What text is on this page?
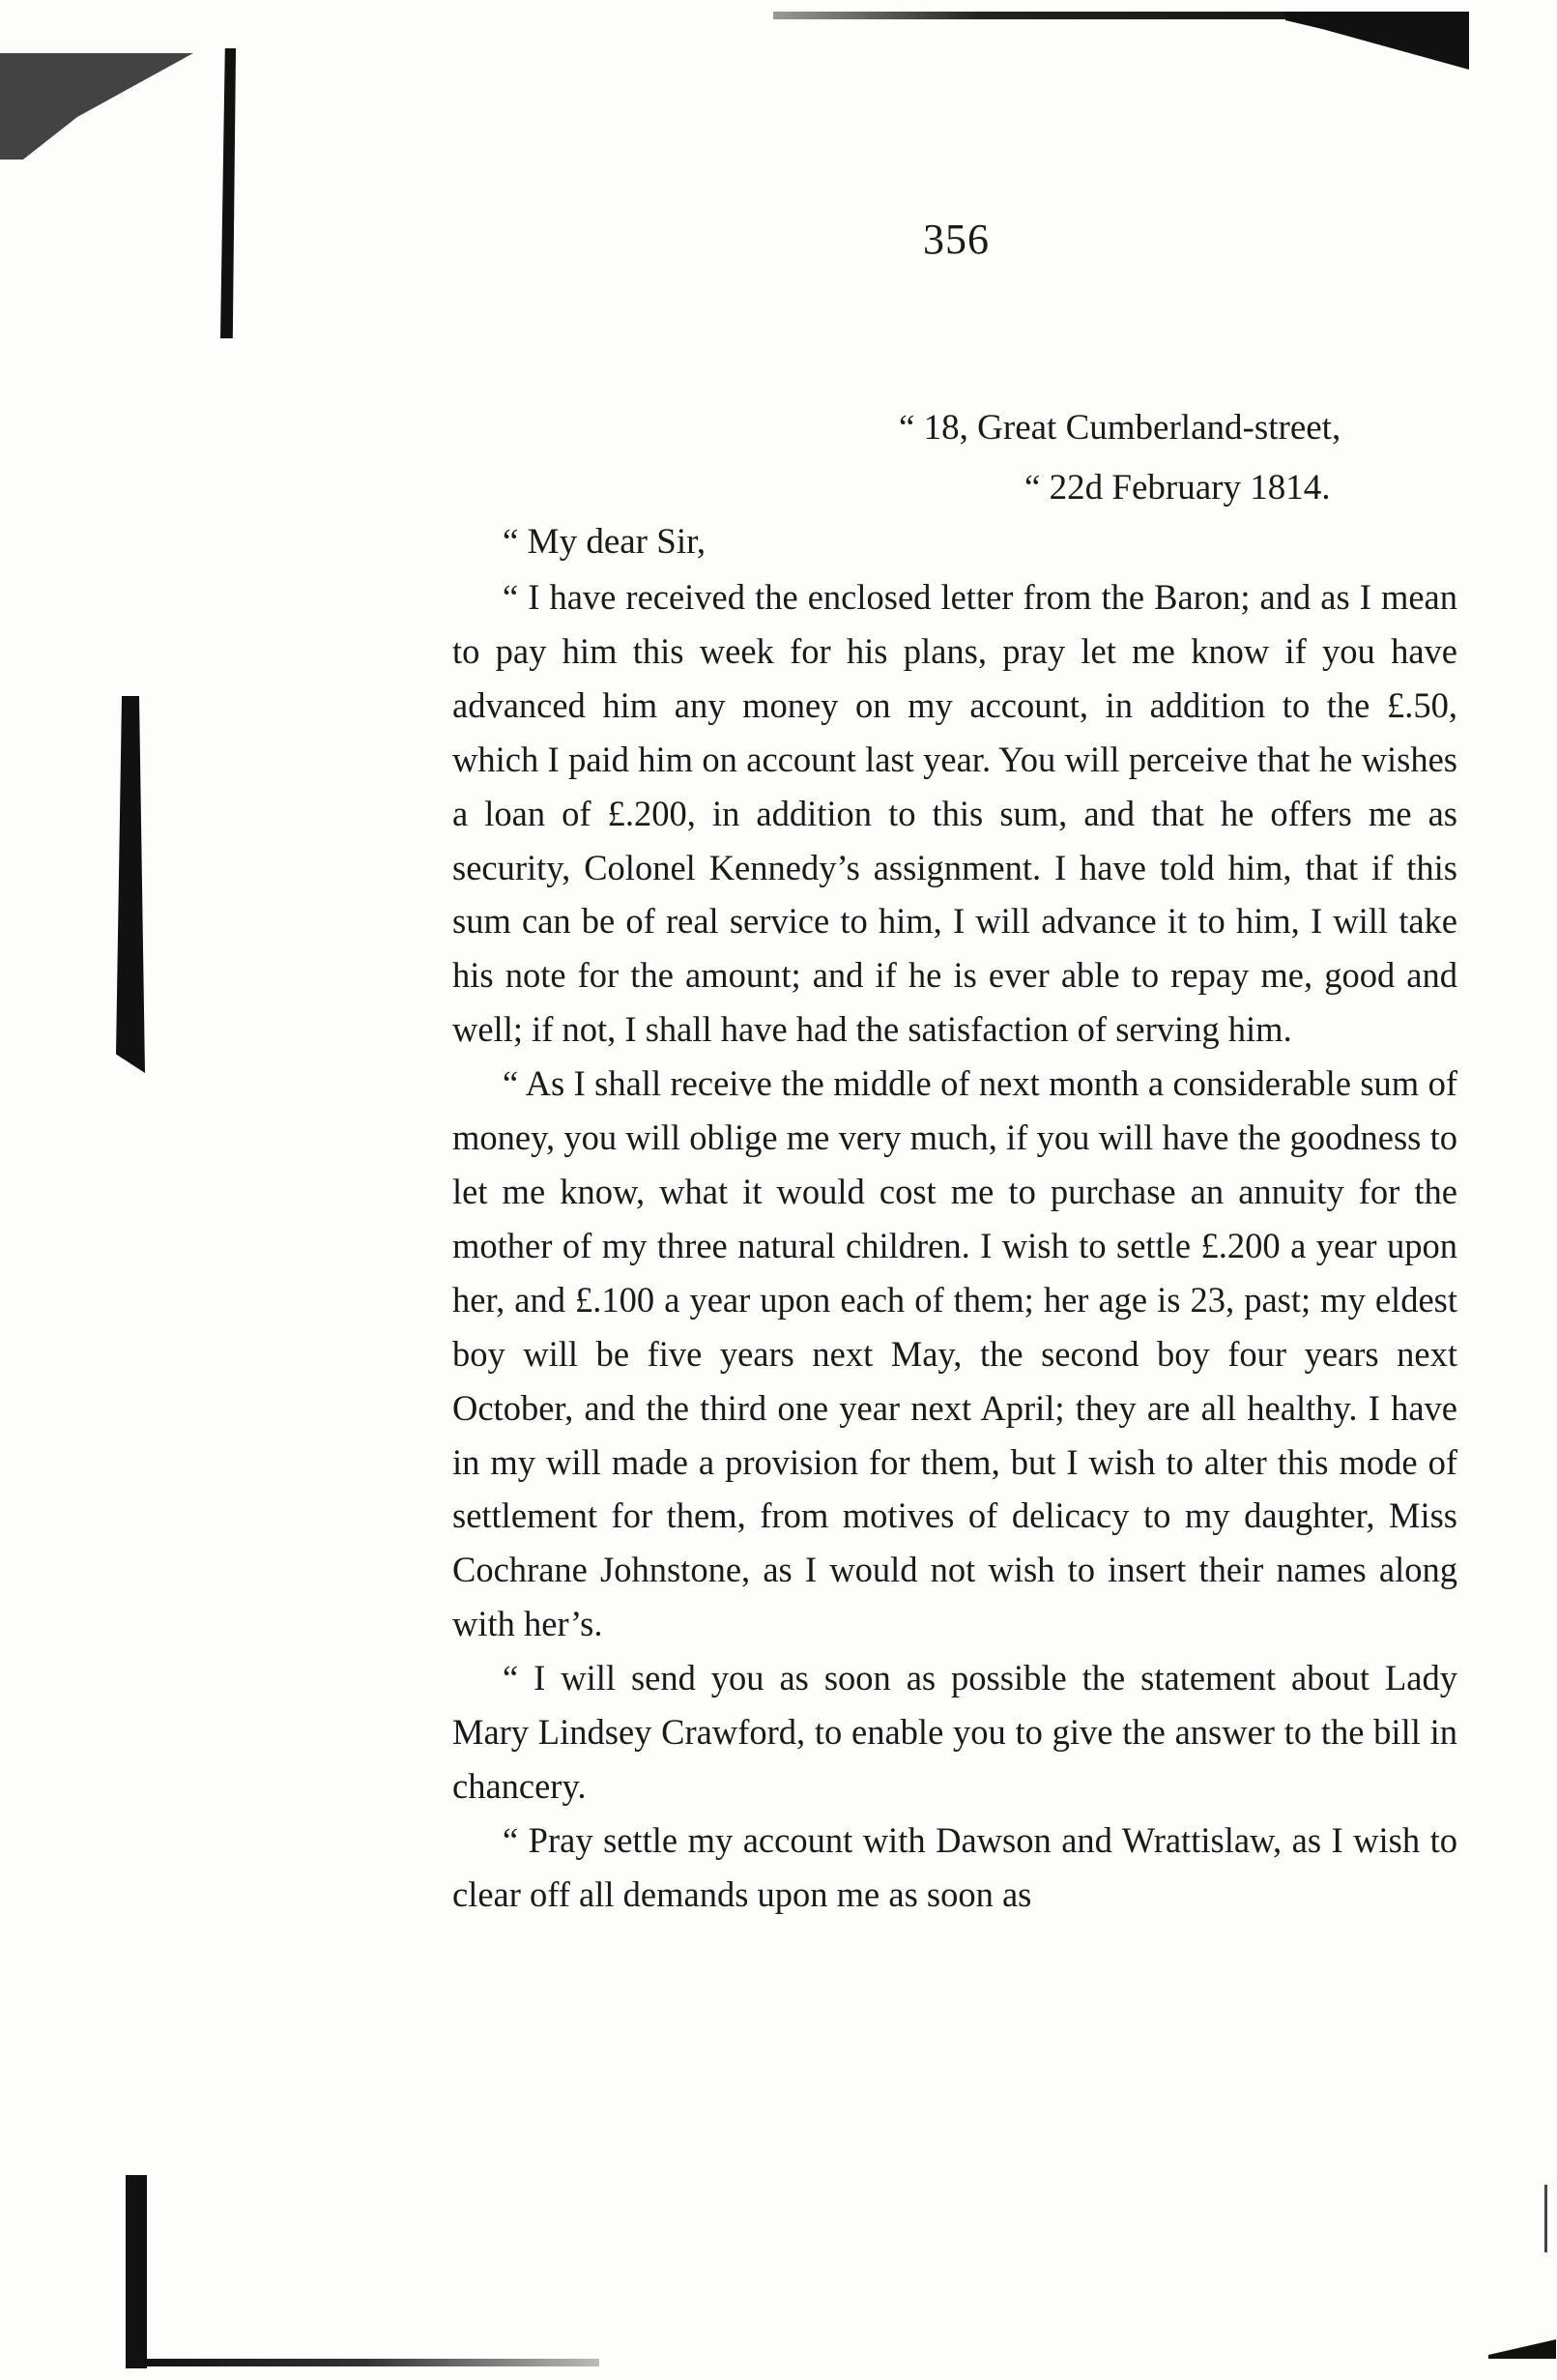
356
“ 18, Great Cumberland-street,
“ 22d February 1814.
“ My dear Sir,

“ I have received the enclosed letter from the Baron; and as I mean to pay him this week for his plans, pray let me know if you have advanced him any money on my account, in addition to the £.50, which I paid him on account last year. You will perceive that he wishes a loan of £.200, in addition to this sum, and that he offers me as security, Colonel Kennedy’s assignment. I have told him, that if this sum can be of real service to him, I will advance it to him, I will take his note for the amount; and if he is ever able to repay me, good and well; if not, I shall have had the satisfaction of serving him.

“ As I shall receive the middle of next month a considerable sum of money, you will oblige me very much, if you will have the goodness to let me know, what it would cost me to purchase an annuity for the mother of my three natural children. I wish to settle £.200 a year upon her, and £.100 a year upon each of them; her age is 23, past; my eldest boy will be five years next May, the second boy four years next October, and the third one year next April; they are all healthy. I have in my will made a provision for them, but I wish to alter this mode of settlement for them, from motives of delicacy to my daughter, Miss Cochrane Johnstone, as I would not wish to insert their names along with her’s.

“ I will send you as soon as possible the statement about Lady Mary Lindsey Crawford, to enable you to give the answer to the bill in chancery.

“ Pray settle my account with Dawson and Wrattislaw, as I wish to clear off all demands upon me as soon as
